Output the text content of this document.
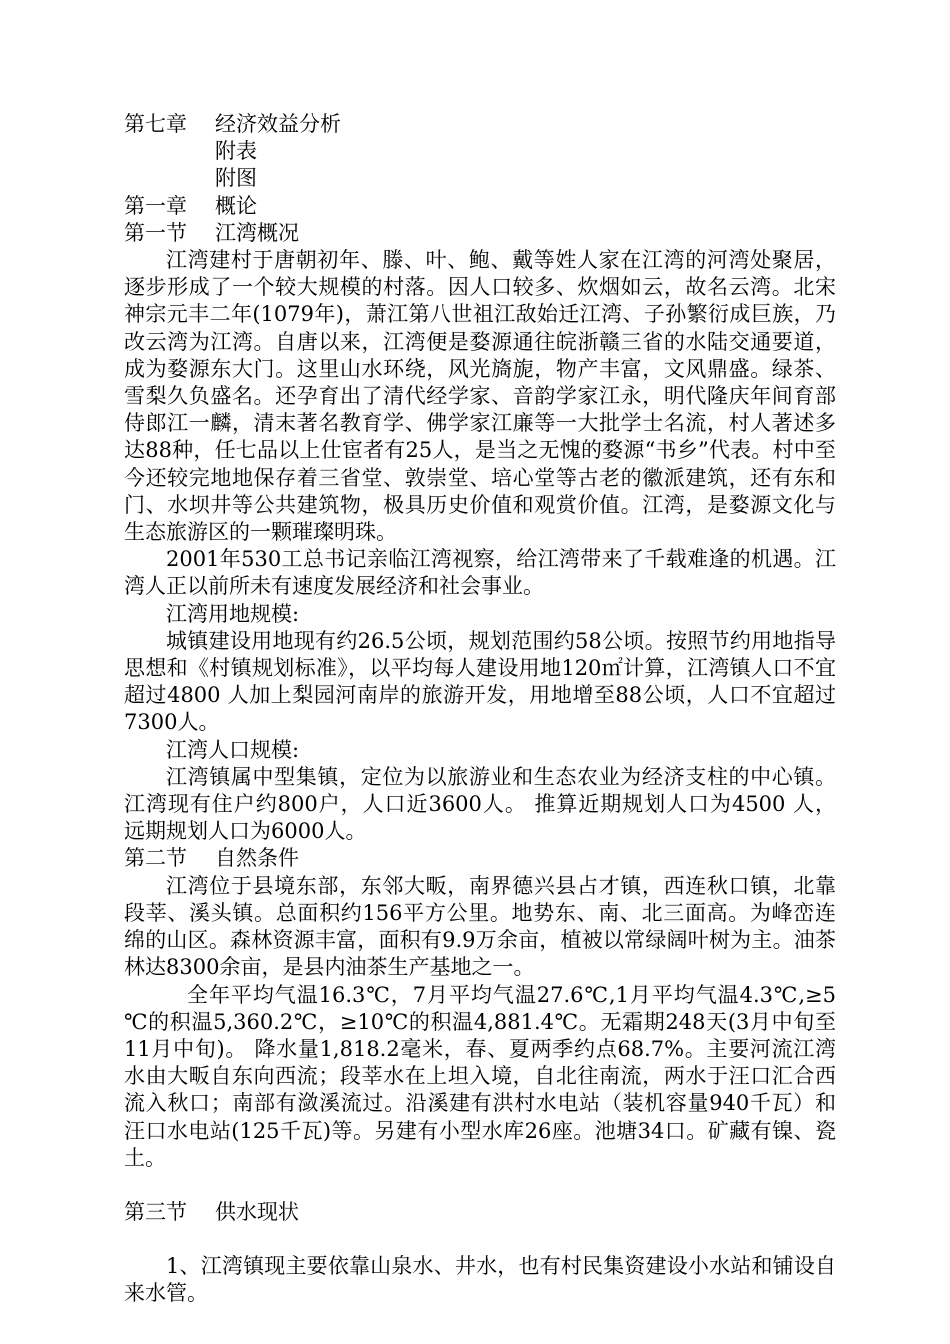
第七章 经济效益分析

附表

附图

第一章 概论

第一节 江湾概况

江湾建村于唐朝初年、滕、叶、鲍、戴等姓人家在江湾的河湾处聚居，逐步形成了一个较大规模的村落。因人口较多、炊烟如云，故名云湾。北宋神宗元丰二年(1079年)，萧江第八世祖江敌始迁江湾、子孙繁衍成巨族，乃改云湾为江湾。自唐以来，江湾便是婺源通往皖浙赣三省的水陆交通要道，成为婺源东大门。这里山水环绕，风光旖旎，物产丰富，文风鼎盛。绿茶、雪梨久负盛名。还孕育出了清代经学家、音韵学家江永，明代隆庆年间育部侍郎江一麟，清末著名教育学、佛学家江廉等一大批学士名流，村人著述多达88种，任七品以上仕宦者有25人，是当之无愧的婺源“书乡”代表。村中至今还较完地地保存着三省堂、敦崇堂、培心堂等古老的徽派建筑，还有东和门、水坝井等公共建筑物，极具历史价值和观赏价值。江湾，是婺源文化与生态旅游区的一颗璀璨明珠。

2001年530工总书记亲临江湾视察，给江湾带来了千载难逢的机遇。江湾人正以前所未有速度发展经济和社会事业。

江湾用地规模:

城镇建设用地现有约26.5公顷，规划范围约58公顷。按照节约用地指导思想和《村镇规划标准》，以平均每人建设用地120㎡计算，江湾镇人口不宜超过4800 人加上梨园河南岸的旅游开发，用地增至88公顷，人口不宜超过7300人。

江湾人口规模:

江湾镇属中型集镇，定位为以旅游业和生态农业为经济支柱的中心镇。江湾现有住户约800户，人口近3600人。 推算近期规划人口为4500 人， 远期规划人口为6000人。

第二节 自然条件

江湾位于县境东部，东邻大畈，南界德兴县占才镇，西连秋口镇，北靠段莘、溪头镇。总面积约156平方公里。地势东、南、北三面高。为峰峦连绵的山区。森林资源丰富，面积有9.9万余亩，植被以常绿阔叶树为主。油茶林达8300余亩，是县内油茶生产基地之一。

全年平均气温16.3℃，7月平均气温27.6℃,1月平均气温4.3℃,≥5 ℃的积温5,360.2℃，≥10℃的积温4,881.4℃。无霜期248天(3月中旬至11月中旬)。 降水量1,818.2毫米，春、夏两季约点68.7%。主要河流江湾水由大畈自东向西流；段莘水在上坦入境，自北往南流，两水于汪口汇合西流入秋口；南部有潋溪流过。沿溪建有洪村水电站（装机容量940千瓦）和汪口水电站(125千瓦)等。另建有小型水库26座。池塘34口。矿藏有镍、瓷土。

第三节 供水现状

1、江湾镇现主要依靠山泉水、井水，也有村民集资建设小水站和铺设自来水管。
